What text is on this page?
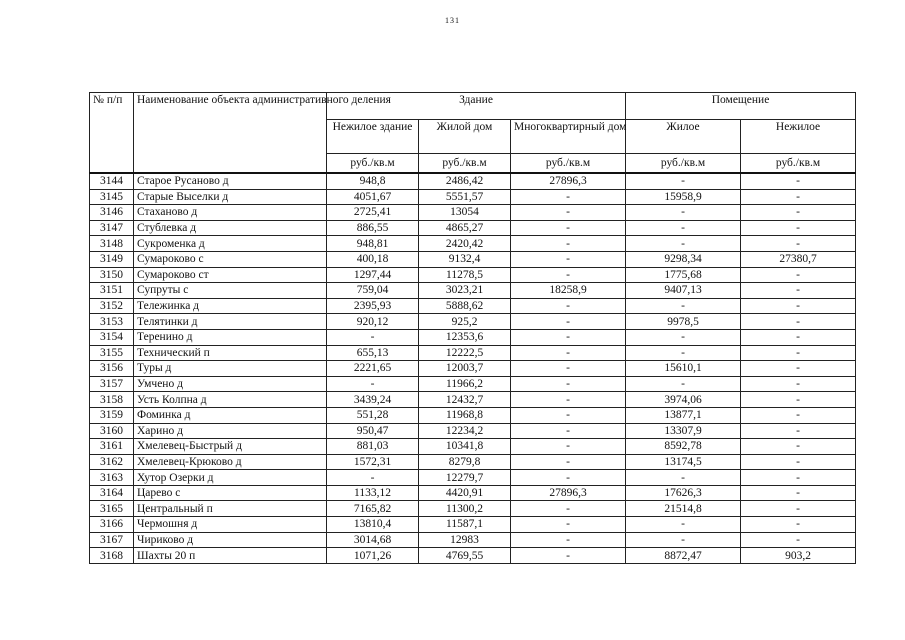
131
№ п/п	Наименование объекта административного деления	Здание			Помещение	
		Нежилое здание	Жилой дом	Многоквартирный дом	Жилое	Нежилое
		руб./кв.м	руб./кв.м	руб./кв.м	руб./кв.м	руб./кв.м
3144	Старое Русаново д	948,8	2486,42	27896,3	-	-
3145	Старые Выселки д	4051,67	5551,57	-	15958,9	-
3146	Стаханово д	2725,41	13054	-	-	-
3147	Стублевка д	886,55	4865,27	-	-	-
3148	Сукроменка д	948,81	2420,42	-	-	-
3149	Сумароково с	400,18	9132,4	-	9298,34	27380,7
3150	Сумароково ст	1297,44	11278,5	-	1775,68	-
3151	Супруты с	759,04	3023,21	18258,9	9407,13	-
3152	Тележинка д	2395,93	5888,62	-	-	-
3153	Телятинки д	920,12	925,2	-	9978,5	-
3154	Теренино д	-	12353,6	-	-	-
3155	Технический п	655,13	12222,5	-	-	-
3156	Туры д	2221,65	12003,7	-	15610,1	-
3157	Умчено д	-	11966,2	-	-	-
3158	Усть Колпна д	3439,24	12432,7	-	3974,06	-
3159	Фоминка д	551,28	11968,8	-	13877,1	-
3160	Харино д	950,47	12234,2	-	13307,9	-
3161	Хмелевец-Быстрый д	881,03	10341,8	-	8592,78	-
3162	Хмелевец-Крюково д	1572,31	8279,8	-	13174,5	-
3163	Хутор Озерки д	-	12279,7	-	-	-
3164	Царево с	1133,12	4420,91	27896,3	17626,3	-
3165	Центральный п	7165,82	11300,2	-	21514,8	-
3166	Чермошня д	13810,4	11587,1	-	-	-
3167	Чириково д	3014,68	12983	-	-	-
3168	Шахты 20 п	1071,26	4769,55	-	8872,47	903,2
